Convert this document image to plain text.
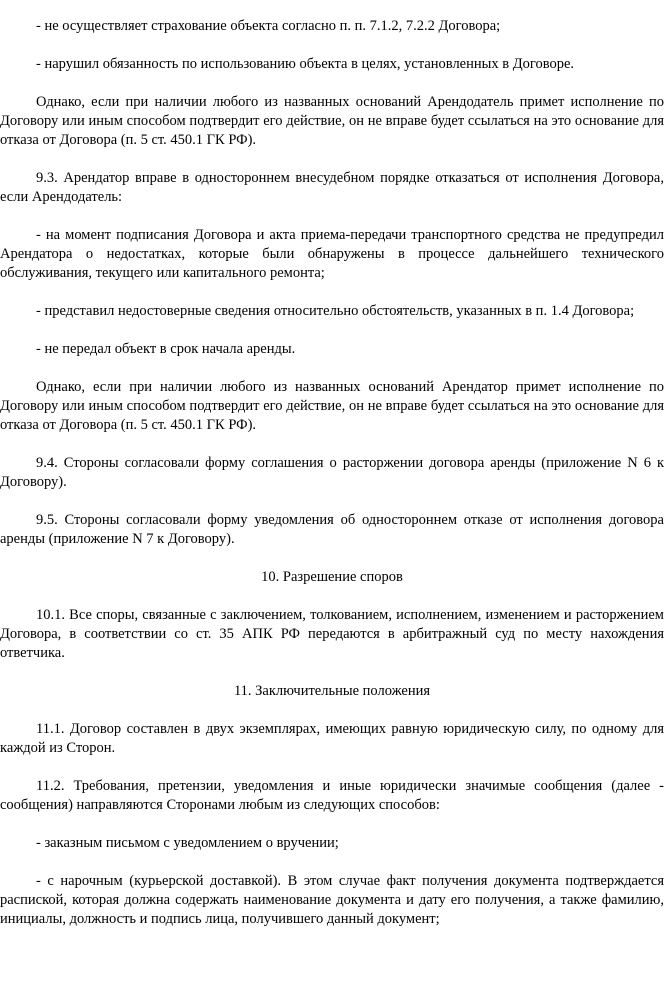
- не осуществляет страхование объекта согласно п. п. 7.1.2, 7.2.2 Договора;

- нарушил обязанность по использованию объекта в целях, установленных в Договоре.

Однако, если при наличии любого из названных оснований Арендодатель примет исполнение по Договору или иным способом подтвердит его действие, он не вправе будет ссылаться на это основание для отказа от Договора (п. 5 ст. 450.1 ГК РФ).

9.3. Арендатор вправе в одностороннем внесудебном порядке отказаться от исполнения Договора, если Арендодатель:

- на момент подписания Договора и акта приема-передачи транспортного средства не предупредил Арендатора о недостатках, которые были обнаружены в процессе дальнейшего технического обслуживания, текущего или капитального ремонта;

- представил недостоверные сведения относительно обстоятельств, указанных в п. 1.4 Договора;

- не передал объект в срок начала аренды.

Однако, если при наличии любого из названных оснований Арендатор примет исполнение по Договору или иным способом подтвердит его действие, он не вправе будет ссылаться на это основание для отказа от Договора (п. 5 ст. 450.1 ГК РФ).

9.4. Стороны согласовали форму соглашения о расторжении договора аренды (приложение N 6 к Договору).

9.5. Стороны согласовали форму уведомления об одностороннем отказе от исполнения договора аренды (приложение N 7 к Договору).

10. Разрешение споров

10.1. Все споры, связанные с заключением, толкованием, исполнением, изменением и расторжением Договора, в соответствии со ст. 35 АПК РФ передаются в арбитражный суд по месту нахождения ответчика.

11. Заключительные положения

11.1. Договор составлен в двух экземплярах, имеющих равную юридическую силу, по одному для каждой из Сторон.

11.2. Требования, претензии, уведомления и иные юридически значимые сообщения (далее - сообщения) направляются Сторонами любым из следующих способов:

- заказным письмом с уведомлением о вручении;

- с нарочным (курьерской доставкой). В этом случае факт получения документа подтверждается распиской, которая должна содержать наименование документа и дату его получения, а также фамилию, инициалы, должность и подпись лица, получившего данный документ;
